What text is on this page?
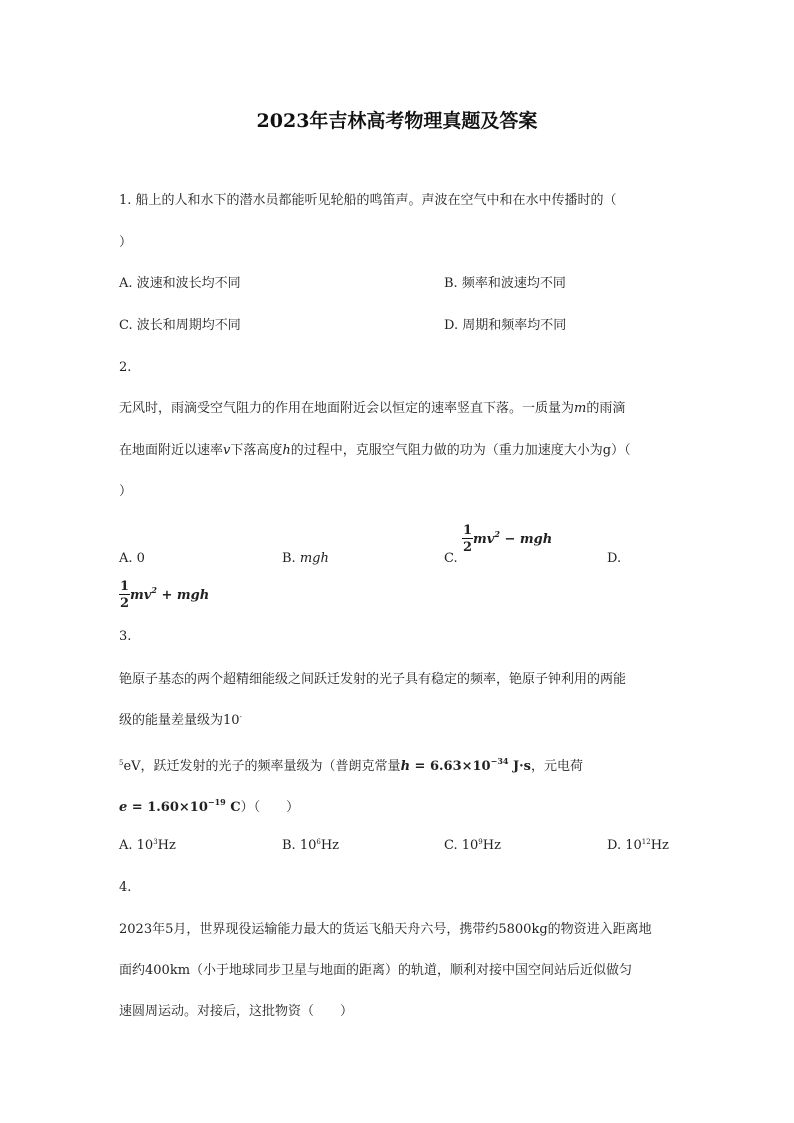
2023年吉林高考物理真题及答案
1. 船上的人和水下的潜水员都能听见轮船的鸣笛声。声波在空气中和在水中传播时的（
）
A. 波速和波长均不同	B. 频率和波速均不同
C. 波长和周期均不同	D. 周期和频率均不同
2.
无风时，雨滴受空气阻力的作用在地面附近会以恒定的速率竖直下落。一质量为m的雨滴
在地面附近以速率v下落高度h的过程中，克服空气阻力做的功为（重力加速度大小为g）（
）
A. 0	B. mgh	C.
$\frac{1}{2} mv^2$ − mgh
D.
$\frac{1}{2} mv^2$ + mgh
3.
铯原子基态的两个超精细能级之间跃迁发射的光子具有稳定的频率，铯原子钟利用的两能
级的能量差量级为10-
$^5$eV，跃迁发射的光子的频率量级为（普朗克常量$h = 6.63\times 10^{-34}$ J·s，元电荷
$e = 1.60\times 10^{-19}$ C）（　　）
A. $10^3Hz$	B. $10^6Hz$	C. $10^9Hz$	D. $10^{12}Hz$
4.
2023年5月，世界现役运输能力最大的货运飞船天舟六号，携带约5800kg的物资进入距离地
面约400km（小于地球同步卫星与地面的距离）的轨道，顺利对接中国空间站后近似做匀
速圆周运动。对接后，这批物资（　　）
